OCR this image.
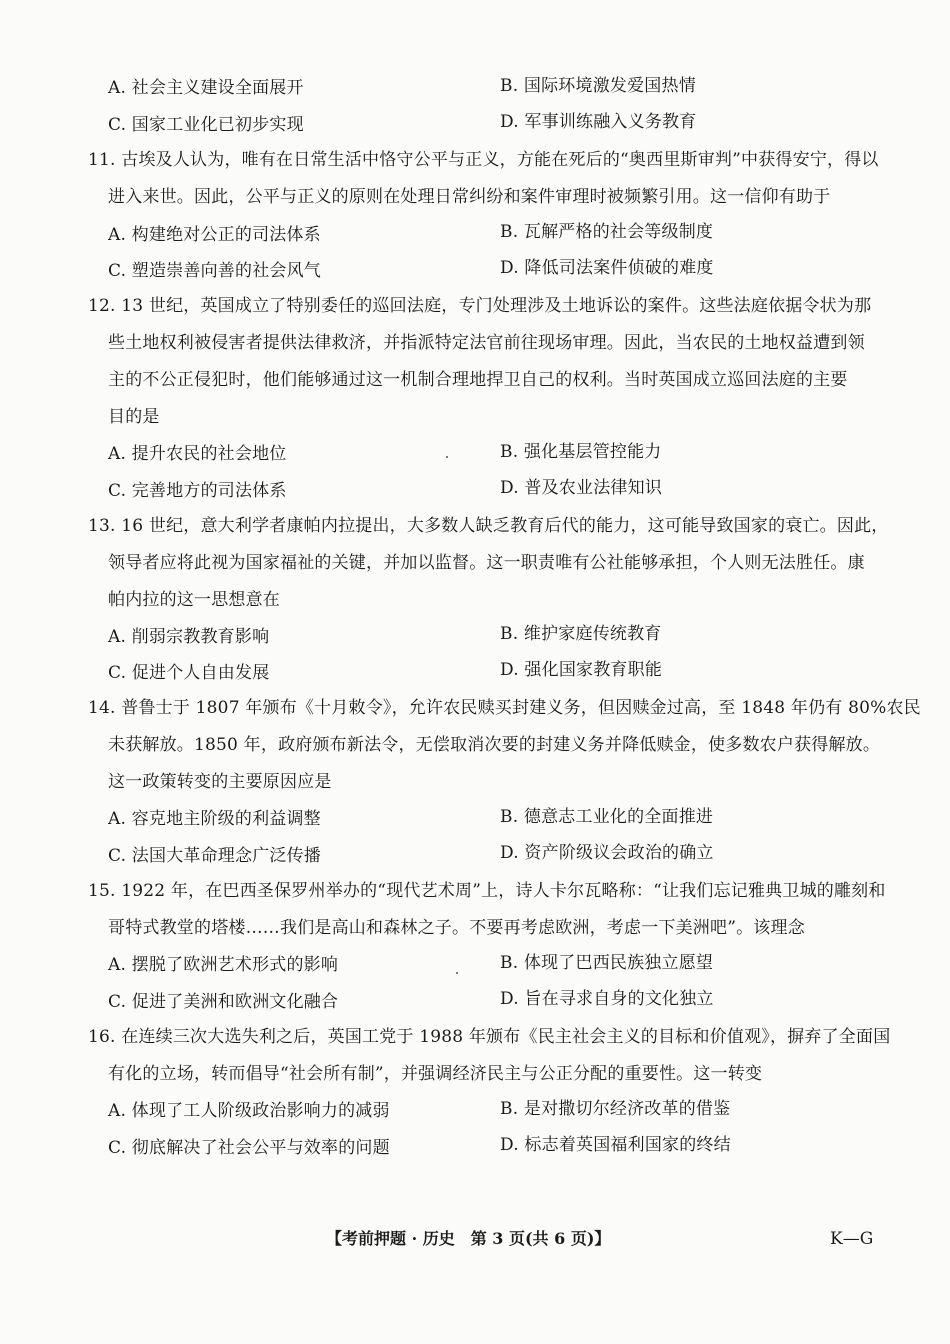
A. 社会主义建设全面展开	B. 国际环境激发爱国热情
C. 国家工业化已初步实现	D. 军事训练融入义务教育
11. 古埃及人认为，唯有在日常生活中恪守公平与正义，方能在死后的“奥西里斯审判”中获得安宁，得以
进入来世。因此，公平与正义的原则在处理日常纠纷和案件审理时被频繁引用。这一信仰有助于
A. 构建绝对公正的司法体系	B. 瓦解严格的社会等级制度
C. 塑造崇善向善的社会风气	D. 降低司法案件侦破的难度
12. 13 世纪，英国成立了特别委任的巡回法庭，专门处理涉及土地诉讼的案件。这些法庭依据令状为那
些土地权利被侵害者提供法律救济，并指派特定法官前往现场审理。因此，当农民的土地权益遭到领
主的不公正侵犯时，他们能够通过这一机制合理地捍卫自己的权利。当时英国成立巡回法庭的主要
目的是
A. 提升农民的社会地位	B. 强化基层管控能力
C. 完善地方的司法体系	D. 普及农业法律知识
13. 16 世纪，意大利学者康帕内拉提出，大多数人缺乏教育后代的能力，这可能导致国家的衰亡。因此，
领导者应将此视为国家福祉的关键，并加以监督。这一职责唯有公社能够承担，个人则无法胜任。康
帕内拉的这一思想意在
A. 削弱宗教教育影响	B. 维护家庭传统教育
C. 促进个人自由发展	D. 强化国家教育职能
14. 普鲁士于 1807 年颁布《十月敕令》，允许农民赎买封建义务，但因赎金过高，至 1848 年仍有 80%农民
未获解放。1850 年，政府颁布新法令，无偿取消次要的封建义务并降低赎金，使多数农户获得解放。
这一政策转变的主要原因应是
A. 容克地主阶级的利益调整	B. 德意志工业化的全面推进
C. 法国大革命理念广泛传播	D. 资产阶级议会政治的确立
15. 1922 年，在巴西圣保罗州举办的“现代艺术周”上，诗人卡尔瓦略称：“让我们忘记雅典卫城的雕刻和
哥特式教堂的塔楼……我们是高山和森林之子。不要再考虑欧洲，考虑一下美洲吧”。该理念
A. 摆脱了欧洲艺术形式的影响	B. 体现了巴西民族独立愿望
C. 促进了美洲和欧洲文化融合	D. 旨在寻求自身的文化独立
16. 在连续三次大选失利之后，英国工党于 1988 年颁布《民主社会主义的目标和价值观》，摒弃了全面国
有化的立场，转而倡导“社会所有制”，并强调经济民主与公正分配的重要性。这一转变
A. 体现了工人阶级政治影响力的减弱	B. 是对撒切尔经济改革的借鉴
C. 彻底解决了社会公平与效率的问题	D. 标志着英国福利国家的终结
【考前押题 · 历史　第 3 页(共 6 页)】	K—G
